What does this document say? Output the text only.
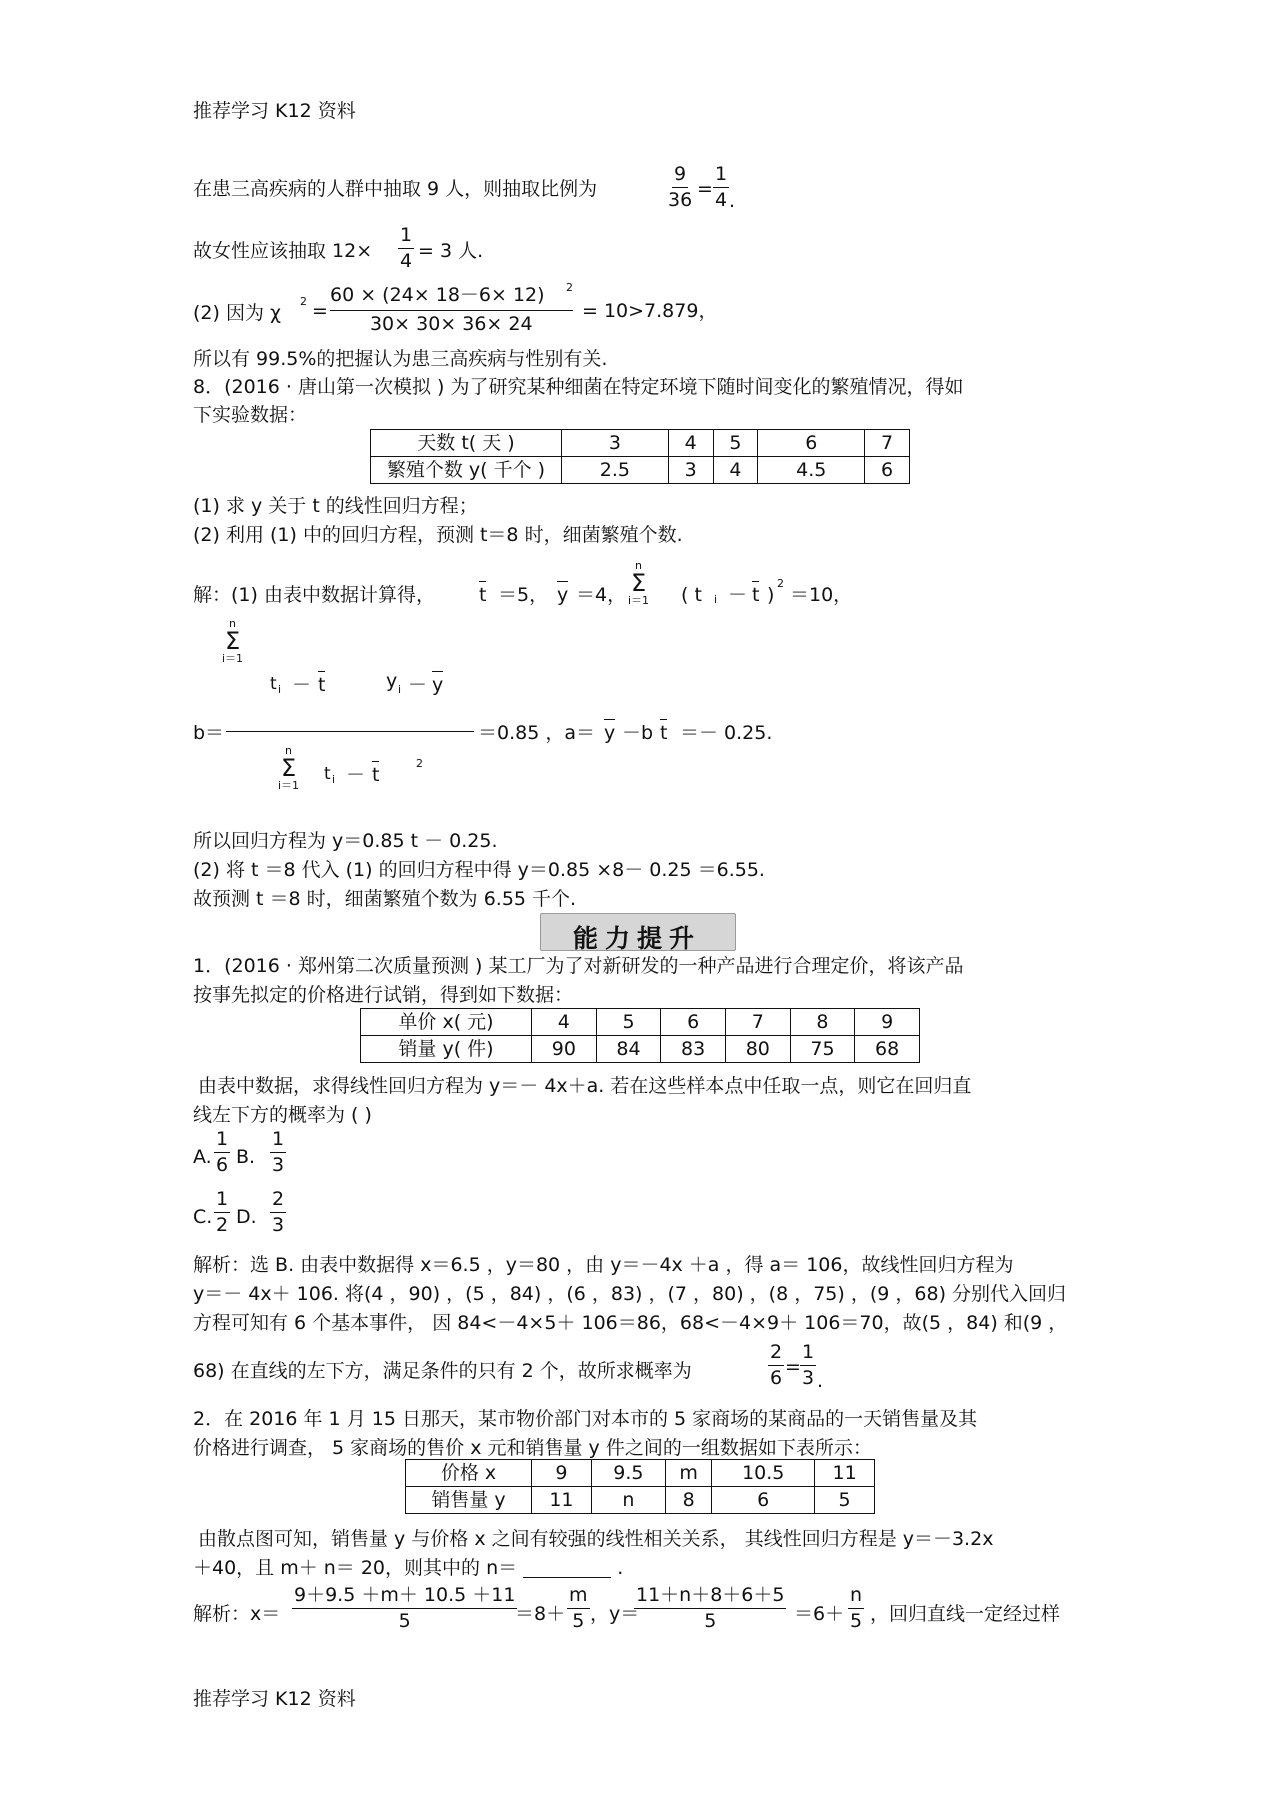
推荐学习 K12 资料
在患三高疾病的人群中抽取 9 人，则抽取比例为	$\frac{9}{36} = \frac{1}{4}$ .
故女性应该抽取 $12\times \frac{1}{4} = 3$ 人.
(2) 因为 χ
$2 = \frac{60 \times (24\times 18-6\times 12)}{30\times 30\times 36\times 24}$
2
= 10>7.879，
所以有 99.5%的把握认为患三高疾病与性别有关.
8．(2016 · 唐山第一次模拟 ) 为了研究某种细菌在特定环境下随时间变化的繁殖情况，得如
下实验数据：
天数 t( 天 )	3	4	5	6	7
繁殖个数 y( 千个 )	2.5	3	4	4.5	6
(1) 求 y 关于 t 的线性回归方程；
(2) 利用 (1) 中的回归方程，预测 t＝8 时，细菌繁殖个数.
解：(1) 由表中数据计算得， t ＝5， y ＝4，
n
Σ
i＝1 ( t i － t )
2
＝10，
n
Σ
i＝1
t i － t	y i － y
b＝	＝0.85 ，a＝ y －b t ＝－ 0.25.
n
Σ
i＝1
t i － t
2
所以回归方程为 y＝0.85 t － 0.25.
(2) 将 t ＝8 代入 (1) 的回归方程中得 y＝0.85 ×8－ 0.25 ＝6.55.
故预测 t ＝8 时，细菌繁殖个数为 6.55 千个.
能力提升
1．(2016 · 郑州第二次质量预测 ) 某工厂为了对新研发的一种产品进行合理定价，将该产品
按事先拟定的价格进行试销，得到如下数据：
单价 x( 元)	4	5	6	7	8	9
销量 y( 件)	90	84	83	80	75	68
由表中数据，求得线性回归方程为 y＝－ 4x＋a. 若在这些样本点中任取一点，则它在回归直
线左下方的概率为 ( )
A. $\frac{1}{6} B$. $\frac{1}{3}$
C. $\frac{1}{2} D$. $\frac{2}{3}$
解析：选 B. 由表中数据得 x＝6.5 ，y＝80 ，由 y＝－4x ＋a ，得 a＝ 106，故线性回归方程为
y＝－ 4x＋ 106. 将(4 ，90) ，(5 ，84) ，(6 ，83) ，(7 ，80) ，(8 ，75) ，(9 ，68) 分别代入回归
方程可知有 6 个基本事件， 因 84<－4×5＋ 106＝86，68<－4×9＋ 106＝70，故(5 ，84) 和(9 ，
68) 在直线的左下方，满足条件的只有 2 个，故所求概率为	$\frac{2}{6} = \frac{1}{3}$ .
2．在 2016 年 1 月 15 日那天，某市物价部门对本市的 5 家商场的某商品的一天销售量及其
价格进行调查， 5 家商场的售价 x 元和销售量 y 件之间的一组数据如下表所示：
价格 x	9	9.5	m	10.5	11
销售量 y	11	n	8	6	5
由散点图可知，销售量 y 与价格 x 之间有较强的线性相关关系， 其线性回归方程是 y＝－3.2x
＋40，且 m＋ n＝ 20，则其中的 n＝	.
解析：$x= \frac{9+9.5 +m+ 10.5 +11}{5}$
$=8+ \frac{m}{5}$ ，y＝
$\frac{11+n+8+6+5}{5} =6+ \frac{n}{5}$ ，回归直线一定经过样
推荐学习 K12 资料
